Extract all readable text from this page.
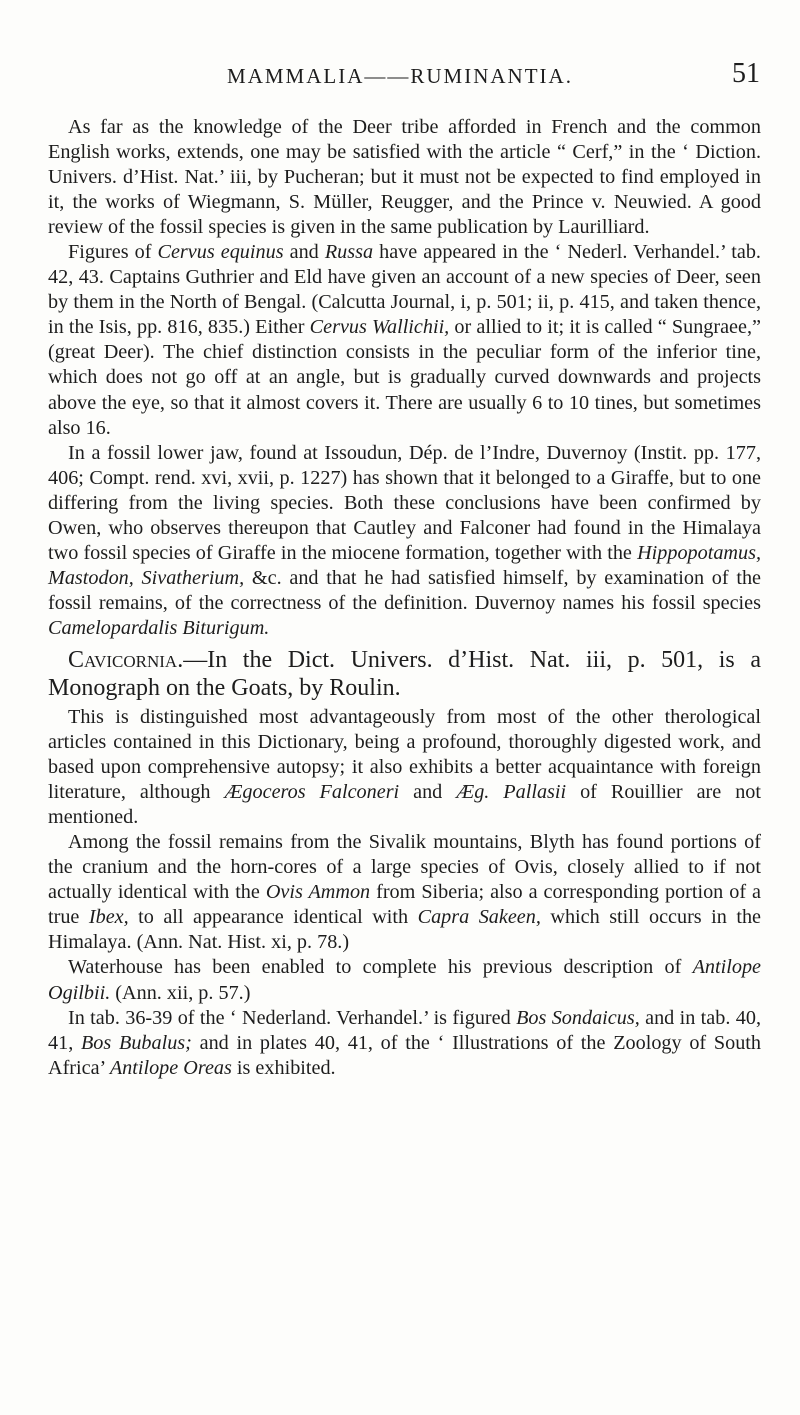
MAMMALIA——RUMINANTIA.	51

As far as the knowledge of the Deer tribe afforded in French and the common English works, extends, one may be satisfied with the article “ Cerf,” in the ‘ Diction. Univers. d’Hist. Nat.’ iii, by Pucheran; but it must not be expected to find employed in it, the works of Wiegmann, S. Müller, Reugger, and the Prince v. Neuwied. A good review of the fossil species is given in the same publication by Laurilliard.

Figures of Cervus equinus and Russa have appeared in the ‘ Nederl. Verhandel.’ tab. 42, 43. Captains Guthrier and Eld have given an account of a new species of Deer, seen by them in the North of Bengal. (Calcutta Journal, i, p. 501; ii, p. 415, and taken thence, in the Isis, pp. 816, 835.) Either Cervus Wallichii, or allied to it; it is called “ Sungraee,” (great Deer). The chief distinction consists in the peculiar form of the inferior tine, which does not go off at an angle, but is gradually curved downwards and projects above the eye, so that it almost covers it. There are usually 6 to 10 tines, but sometimes also 16.

In a fossil lower jaw, found at Issoudun, Dép. de l’Indre, Duvernoy (Instit. pp. 177, 406; Compt. rend. xvi, xvii, p. 1227) has shown that it belonged to a Giraffe, but to one differing from the living species. Both these conclusions have been confirmed by Owen, who observes thereupon that Cautley and Falconer had found in the Himalaya two fossil species of Giraffe in the miocene formation, together with the Hippopotamus, Mastodon, Sivatherium, &c. and that he had satisfied himself, by examination of the fossil remains, of the correctness of the definition. Duvernoy names his fossil species Camelopardalis Biturigum.

Cavicornia.—In the Dict. Univers. d’Hist. Nat. iii, p. 501, is a Monograph on the Goats, by Roulin.

This is distinguished most advantageously from most of the other therological articles contained in this Dictionary, being a profound, thoroughly digested work, and based upon comprehensive autopsy; it also exhibits a better acquaintance with foreign literature, although Ægoceros Falconeri and Æg. Pallasii of Rouillier are not mentioned.

Among the fossil remains from the Sivalik mountains, Blyth has found portions of the cranium and the horn-cores of a large species of Ovis, closely allied to if not actually identical with the Ovis Ammon from Siberia; also a corresponding portion of a true Ibex, to all appearance identical with Capra Sakeen, which still occurs in the Himalaya. (Ann. Nat. Hist. xi, p. 78.)

Waterhouse has been enabled to complete his previous description of Antilope Ogilbii. (Ann. xii, p. 57.)

In tab. 36-39 of the ‘ Nederland. Verhandel.’ is figured Bos Sondaicus, and in tab. 40, 41, Bos Bubalus; and in plates 40, 41, of the ‘ Illustrations of the Zoology of South Africa’ Antilope Oreas is exhibited.
